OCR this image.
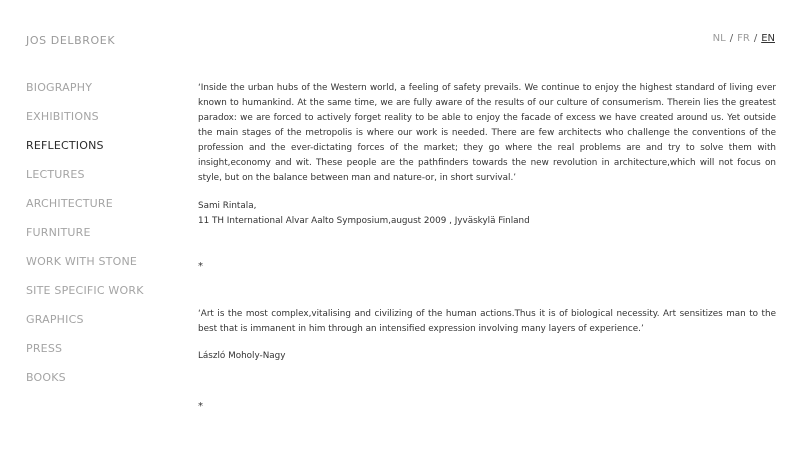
JOS DELBROEK	NL / FR / EN
BIOGRAPHY
EXHIBITIONS
REFLECTIONS
LECTURES
ARCHITECTURE
FURNITURE
WORK WITH STONE
SITE SPECIFIC WORK
GRAPHICS
PRESS
BOOKS

‘Inside the urban hubs of the Western world, a feeling of safety prevails. We continue to enjoy the highest standard of living ever known to humankind. At the same time, we are fully aware of the results of our culture of consumerism. Therein lies the greatest paradox: we are forced to actively forget reality to be able to enjoy the facade of excess we have created around us. Yet outside the main stages of the metropolis is where our work is needed. There are few architects who challenge the conventions of the profession and the ever-dictating forces of the market; they go where the real problems are and try to solve them with insight,economy and wit. These people are the pathfinders towards the new revolution in architecture,which will not focus on style, but on the balance between man and nature-or, in short survival.’

Sami Rintala,

11 TH International Alvar Aalto Symposium,august 2009 , Jyväskylä Finland

*

‘Art is the most complex,vitalising and civilizing of the human actions.Thus it is of biological necessity. Art sensitizes man to the best that is immanent in him through an intensified expression involving many layers of experience.’

László Moholy-Nagy

*
